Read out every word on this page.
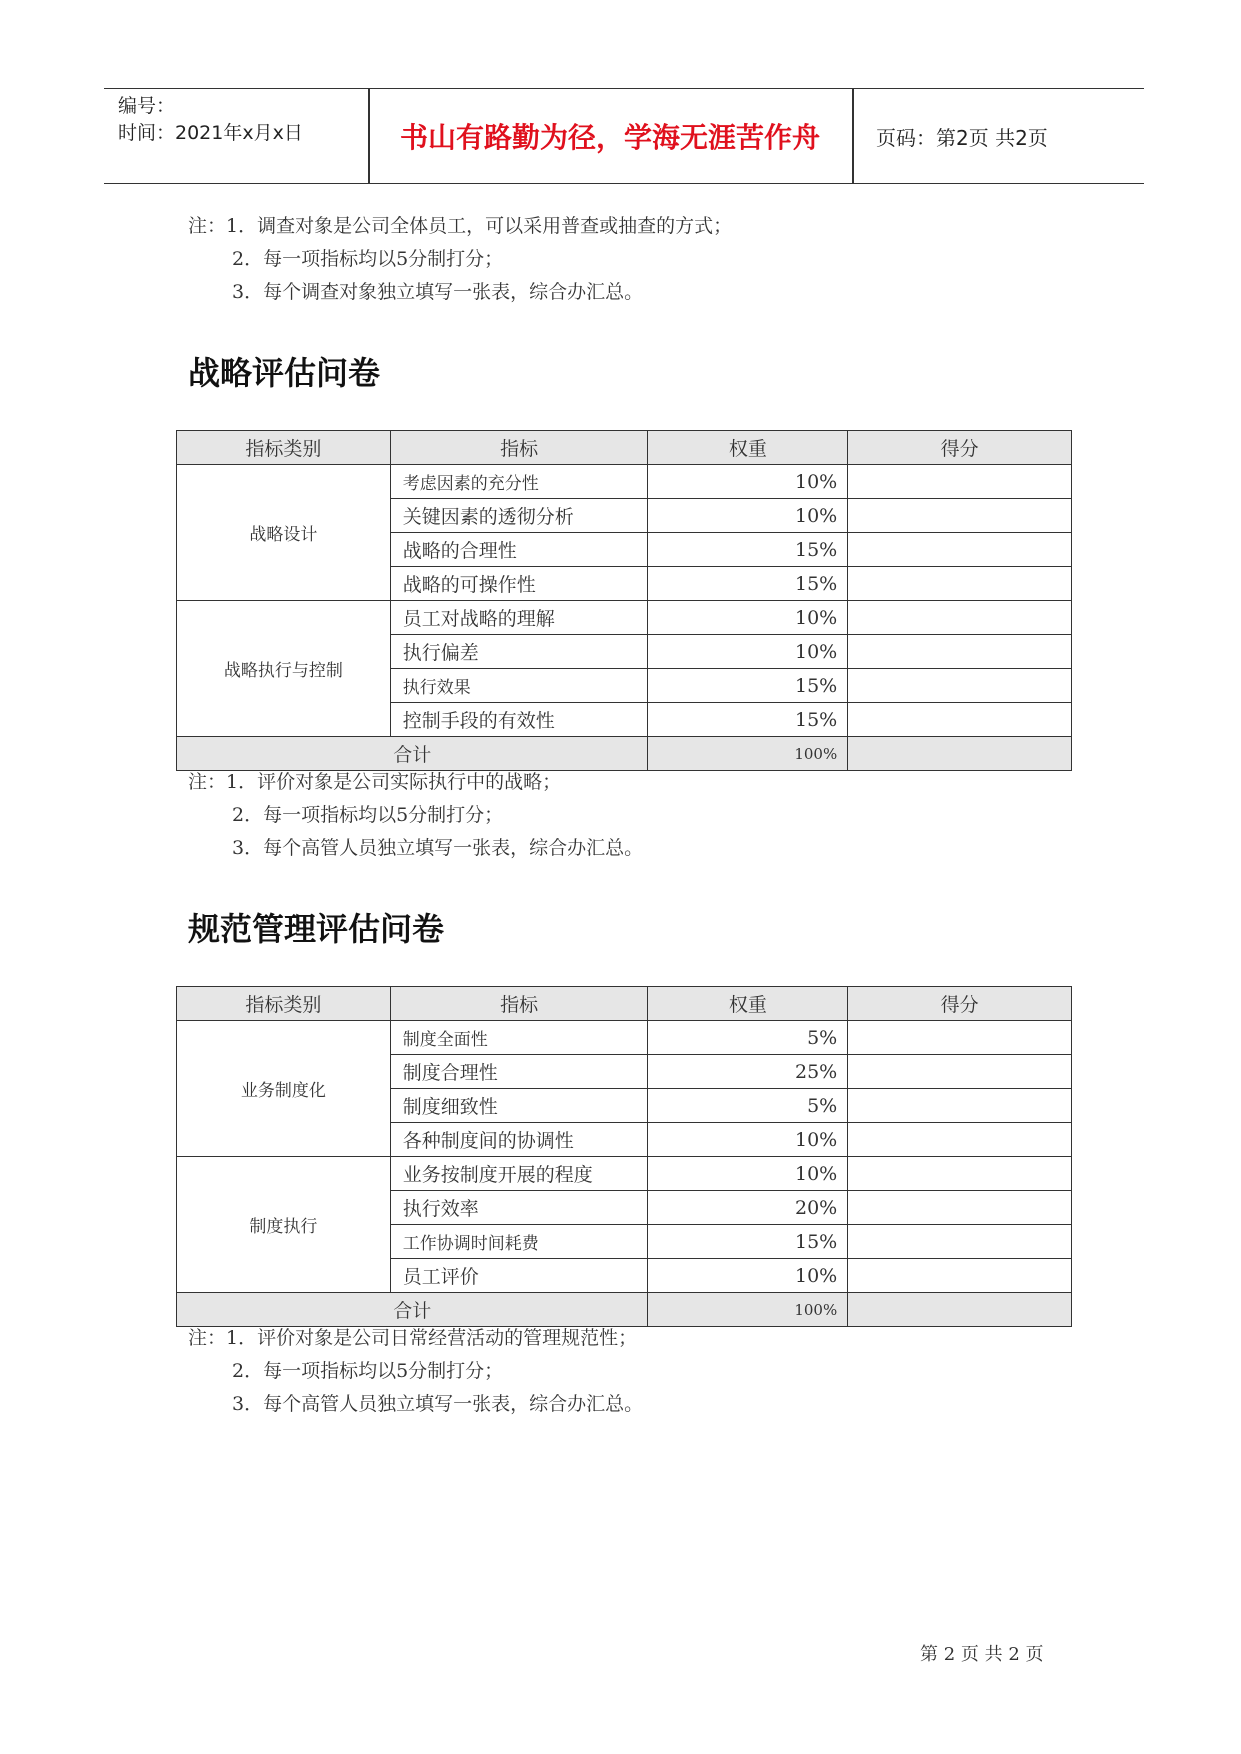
编号：
时间：2021年x月x日	书山有路勤为径，学海无涯苦作舟	页码：第2页 共2页
注：1．调查对象是公司全体员工，可以采用普查或抽查的方式；
2．每一项指标均以5分制打分；
3．每个调查对象独立填写一张表，综合办汇总。
战略评估问卷
指标类别	指标	权重	得分
战略设计	考虑因素的充分性	10%	
	关键因素的透彻分析	10%	
	战略的合理性	15%	
	战略的可操作性	15%	
战略执行与控制	员工对战略的理解	10%	
	执行偏差	10%	
	执行效果	15%	
	控制手段的有效性	15%	
合计		100%	
注：1．评价对象是公司实际执行中的战略；
2．每一项指标均以5分制打分；
3．每个高管人员独立填写一张表，综合办汇总。
规范管理评估问卷
指标类别	指标	权重	得分
业务制度化	制度全面性	5%	
	制度合理性	25%	
	制度细致性	5%	
	各种制度间的协调性	10%	
制度执行	业务按制度开展的程度	10%	
	执行效率	20%	
	工作协调时间耗费	15%	
	员工评价	10%	
合计		100%	
注：1．评价对象是公司日常经营活动的管理规范性；
2．每一项指标均以5分制打分；
3．每个高管人员独立填写一张表，综合办汇总。
第 2 页 共 2 页
